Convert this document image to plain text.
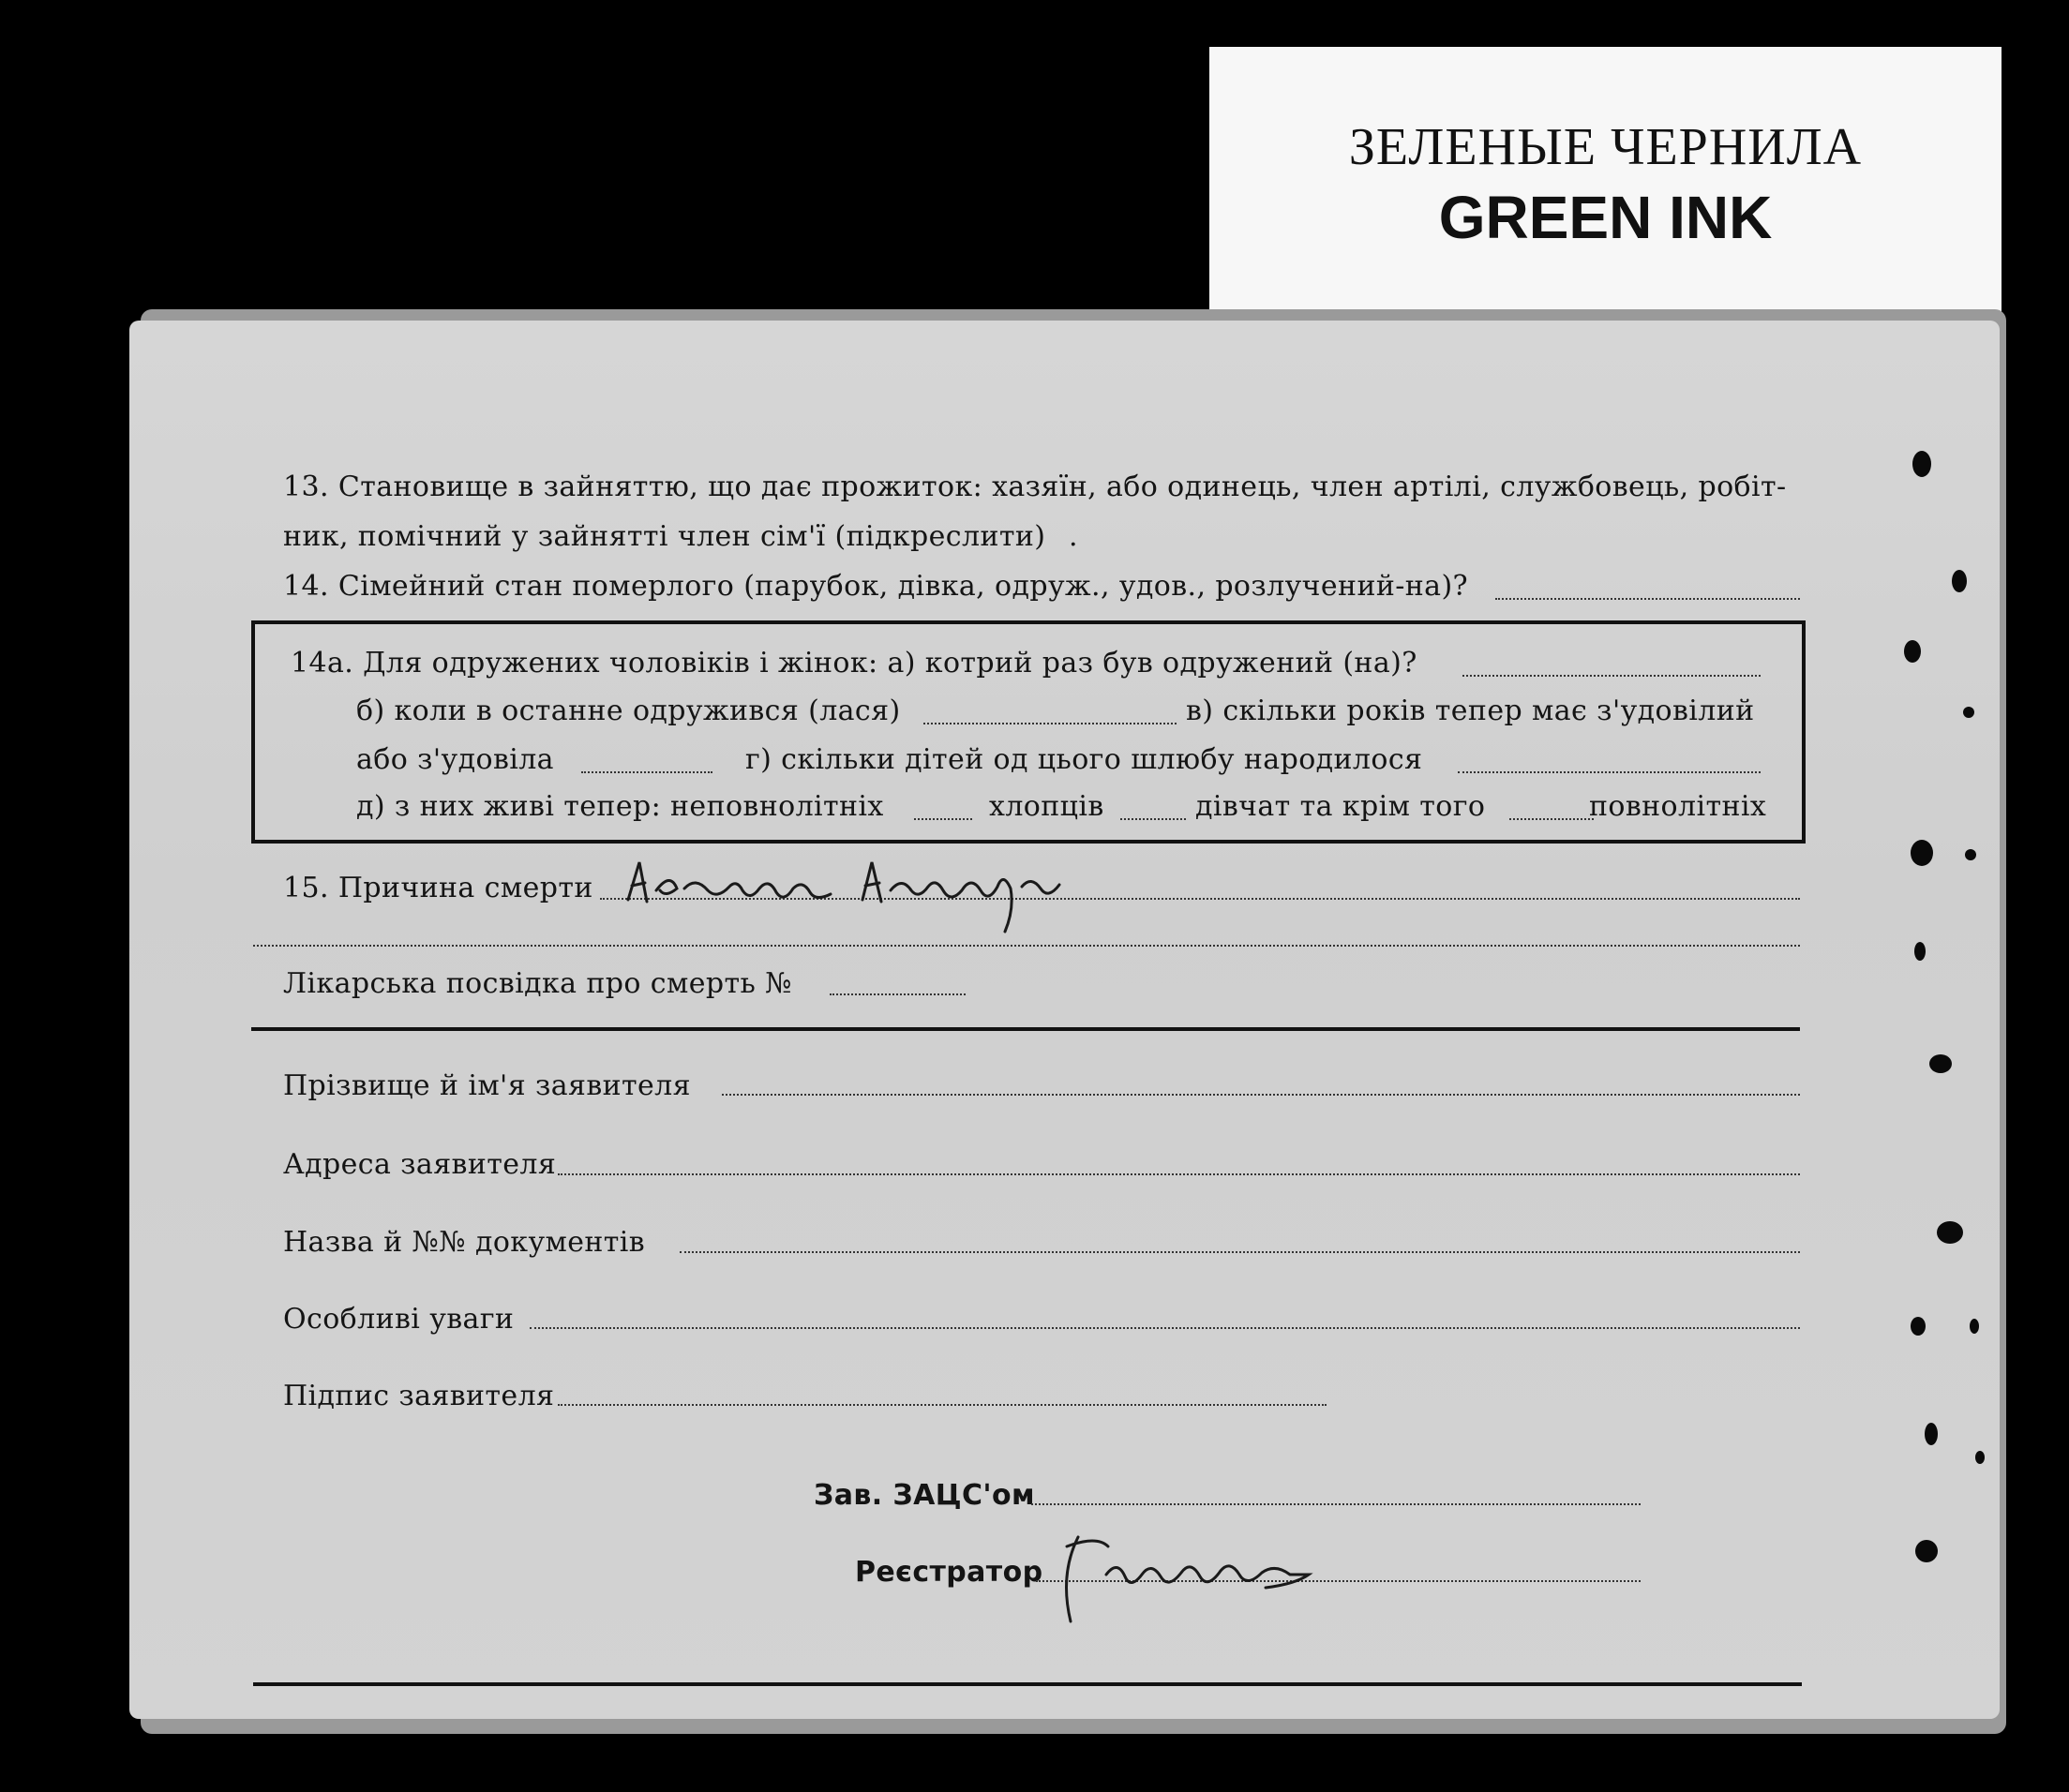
ЗЕЛЕНЫЕ ЧЕРНИЛА
GREEN INK
13. Становище в зайняттю, що дає прожиток: хазяїн, або одинець, член артілі, службовець, робіт-
ник, помічний у зайнятті член сім'ї (підкреслити) .
14. Сімейний стан померлого (парубок, дівка, одруж., удов., розлучений-на)?
14а. Для одружених чоловіків і жінок: а) котрий раз був одружений (на)?
б) коли в останне одружився (лася)	в) скільки років тепер має з'удовілий
або з'удовіла	г) скільки дітей од цього шлюбу народилося
д) з них живі тепер: неповнолітніх	хлопців	дівчат та крім того	повнолітніх
15. Причина смерти
Лікарська посвідка про смерть №
Прізвище й ім'я заявителя
Адреса заявителя
Назва й №№ документів
Особливі уваги
Підпис заявителя
Зав. ЗАЦС'ом
Реєстратор
